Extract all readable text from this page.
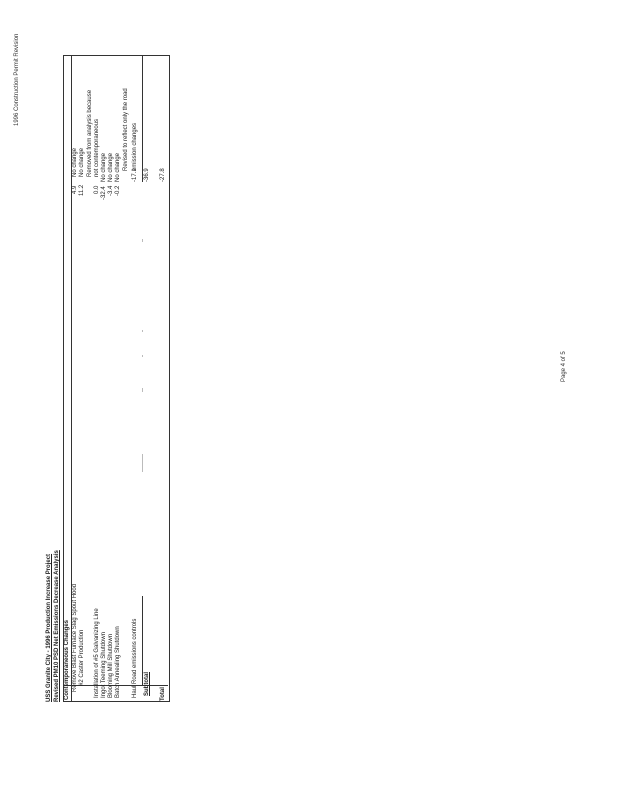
1996 Construction Permit Revision
Page 4 of 5
USS Granite City - 1996 Production Increase Project Revised PM10 PSD Net Emissions Decrease Analysis Contemporaneous Changes Remove Blast Furnace Slag Spout Hood
4.9
No change
#2 Caster Production
11.2
No change Removed from analysis because
Installation of #5 Galvanizing Line
0.0
not contemporaneous
Ingot Teeming Shutdown
-32.4
No change
Blooming Mill Shutdown
-3.4
No change
Batch Annealing Shutdown
-0.2
No change Revised to reflect only the road
Haul Road emissions controls
-17.1
emission changes
Subtotal
-36.9
Total
-27.8
